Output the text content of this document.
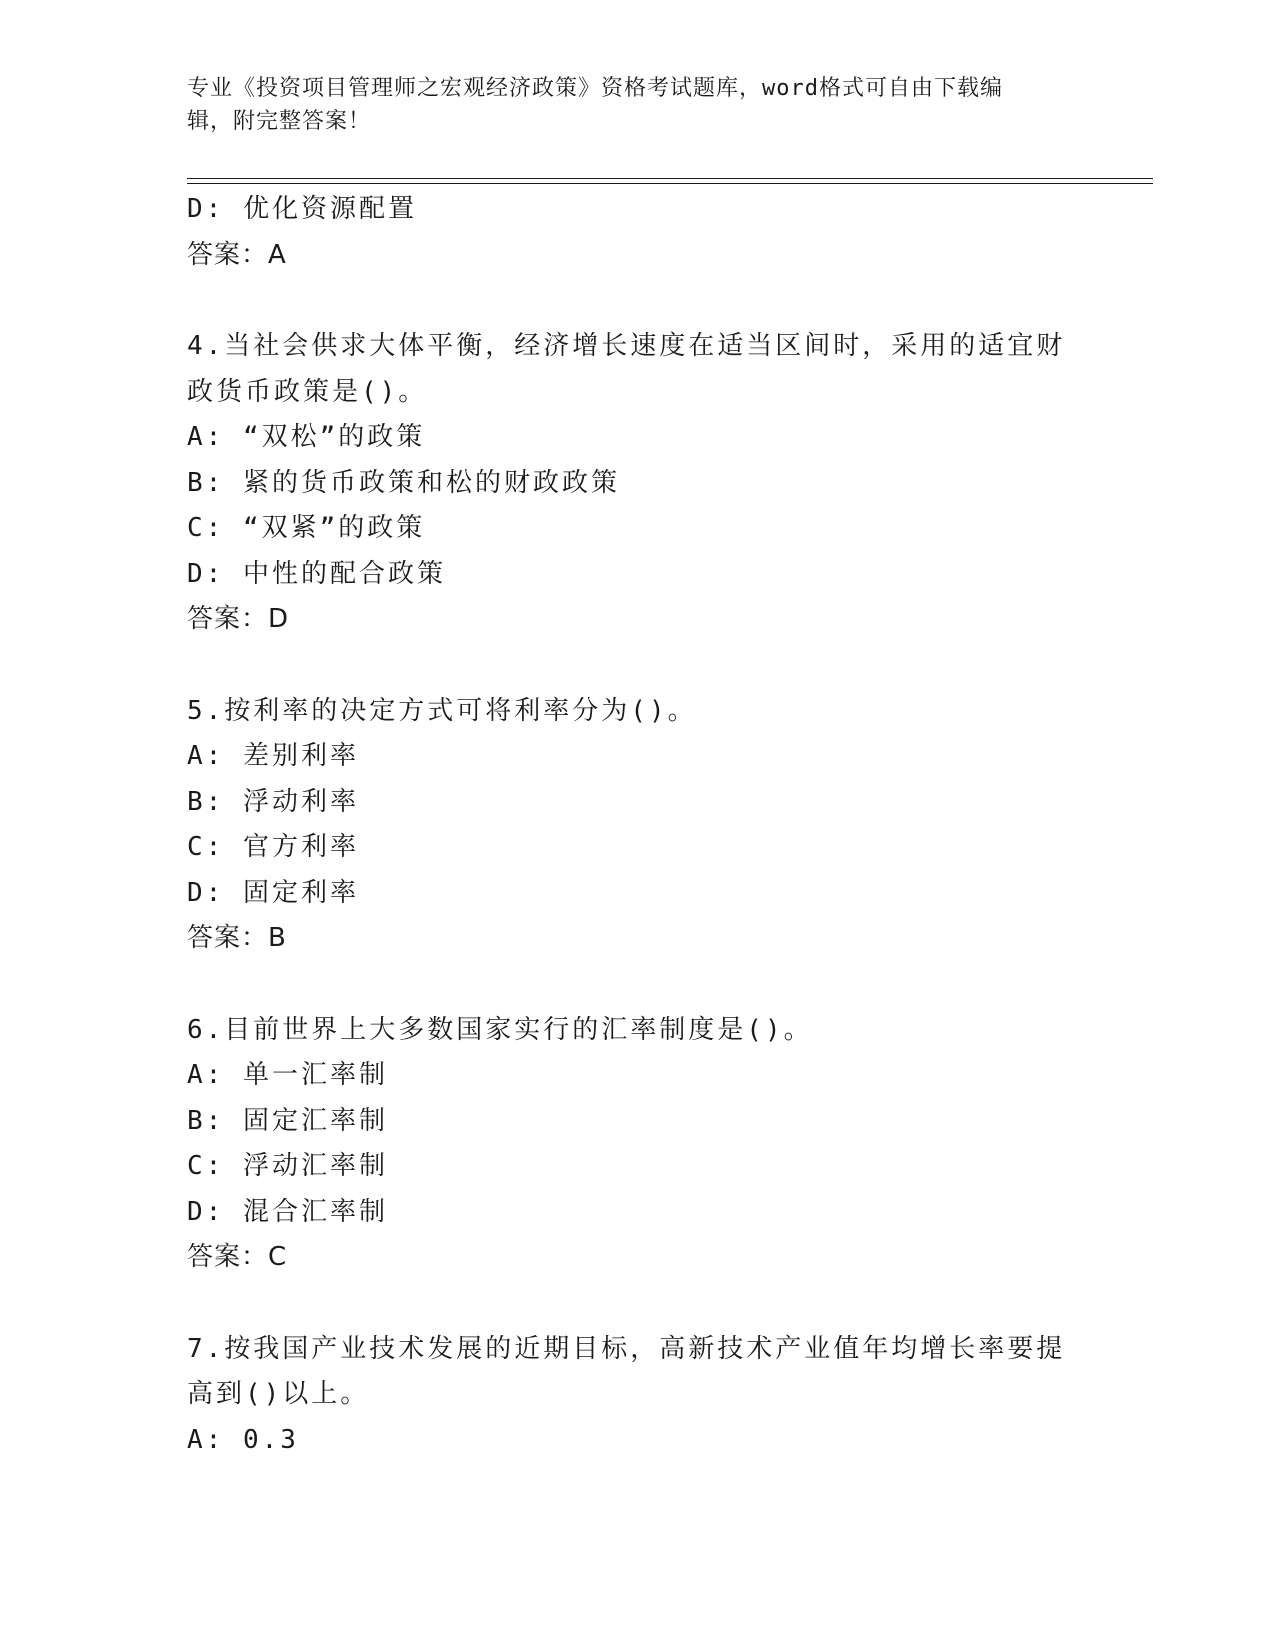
专业《投资项目管理师之宏观经济政策》资格考试题库，word格式可自由下载编
辑，附完整答案！
D: 优化资源配置
答案：A
4.当社会供求大体平衡，经济增长速度在适当区间时，采用的适宜财
政货币政策是()。
A: “双松”的政策
B: 紧的货币政策和松的财政政策
C: “双紧”的政策
D: 中性的配合政策
答案：D
5.按利率的决定方式可将利率分为()。
A: 差别利率
B: 浮动利率
C: 官方利率
D: 固定利率
答案：B
6.目前世界上大多数国家实行的汇率制度是()。
A: 单一汇率制
B: 固定汇率制
C: 浮动汇率制
D: 混合汇率制
答案：C
7.按我国产业技术发展的近期目标，高新技术产业值年均增长率要提
高到()以上。
A: 0.3
